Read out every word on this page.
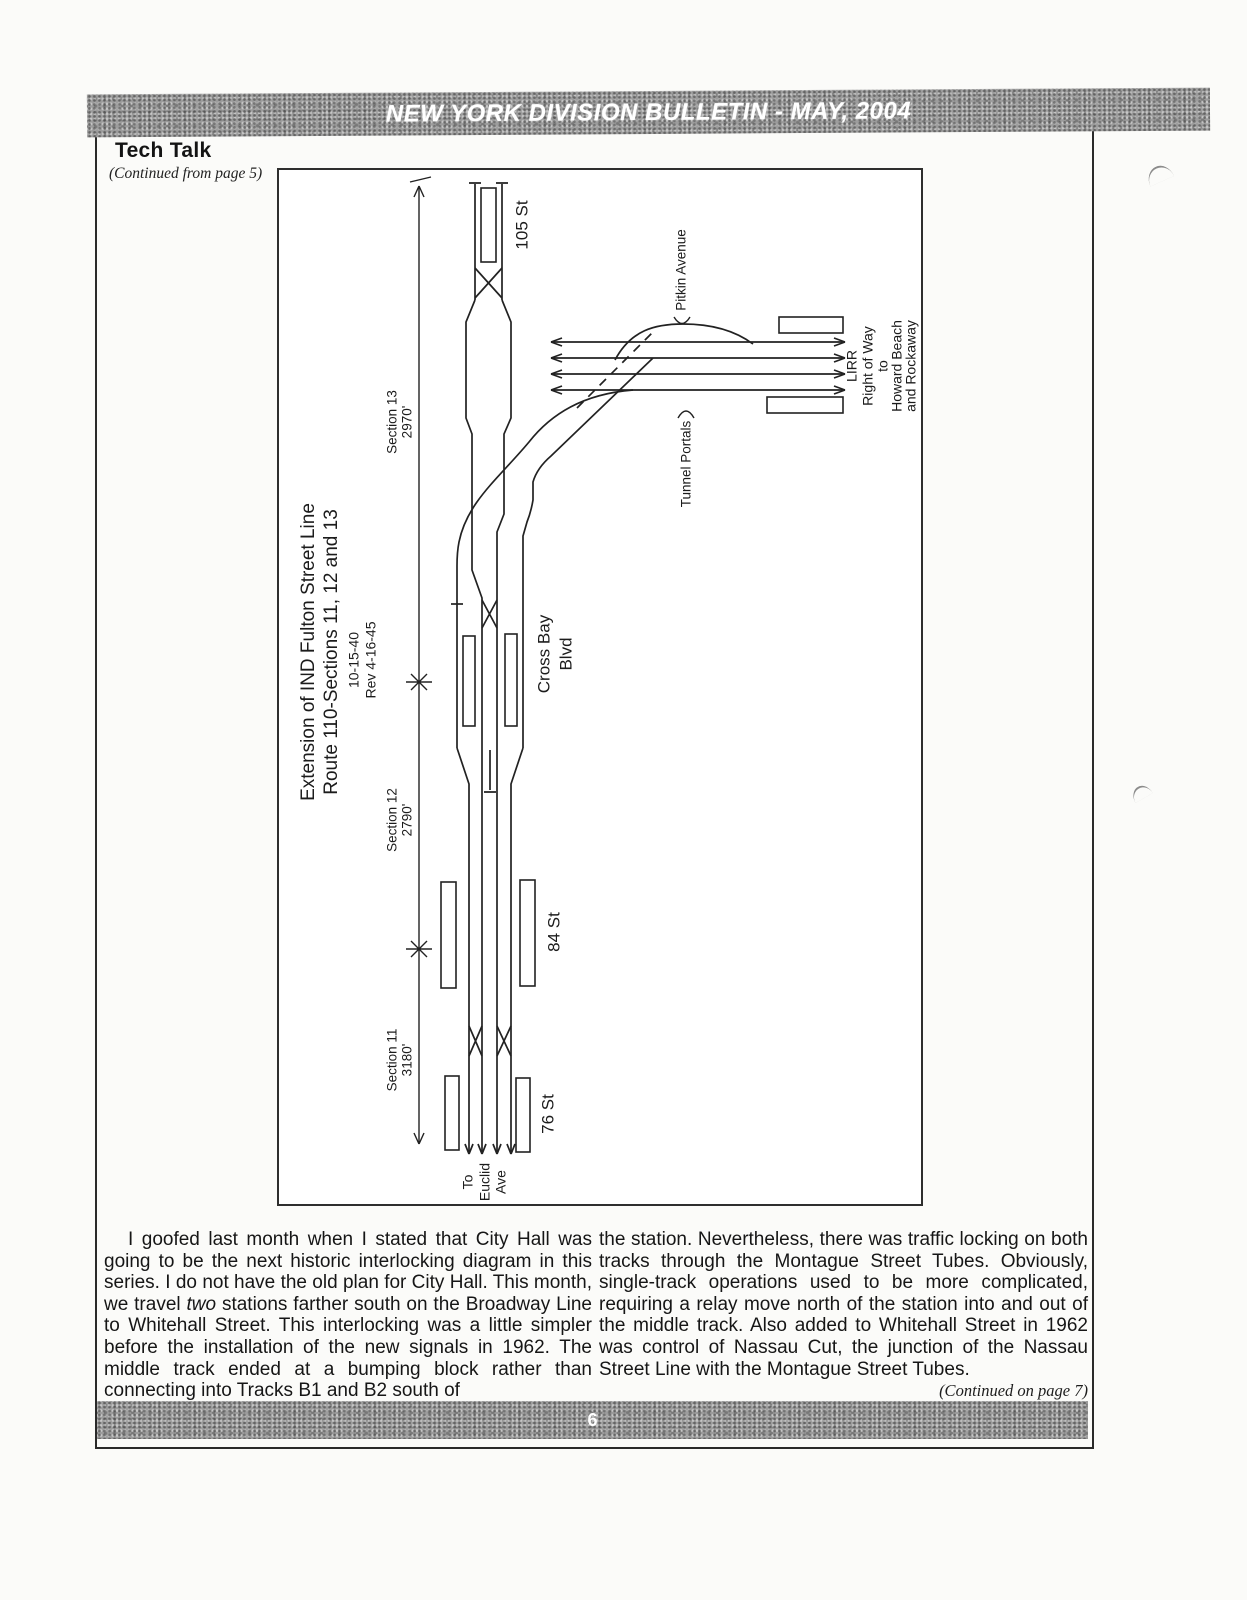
NEW YORK DIVISION BULLETIN - MAY, 2004
Tech Talk
(Continued from page 5)
Extension of IND Fulton Street Line Route 110-Sections 11, 12 and 13 10-15-40 Rev 4-16-45
Section 13 2970'
Section 12 2790'
Section 11 3180'
105 St
Pitkin Avenue
Tunnel Portals
LIRR Right of Way to
Howard Beach
and Rockaway
Cross Bay Blvd
84 St
76 St
To Euclid Ave

I goofed last month when I stated that City Hall was going to be the next historic interlocking diagram in this series. I do not have the old plan for City Hall. This month, we travel two stations farther south on the Broadway Line to Whitehall Street. This interlocking was a little simpler before the installation of the new signals in 1962. The middle track ended at a bumping block rather than connecting into Tracks B1 and B2 south of

the station. Nevertheless, there was traffic locking on both tracks through the Montague Street Tubes. Obviously, single-track operations used to be more complicated, requiring a relay move north of the station into and out of the middle track. Also added to Whitehall Street in 1962 was control of Nassau Cut, the junction of the Nassau Street Line with the Montague Street Tubes.
(Continued on page 7)

6
